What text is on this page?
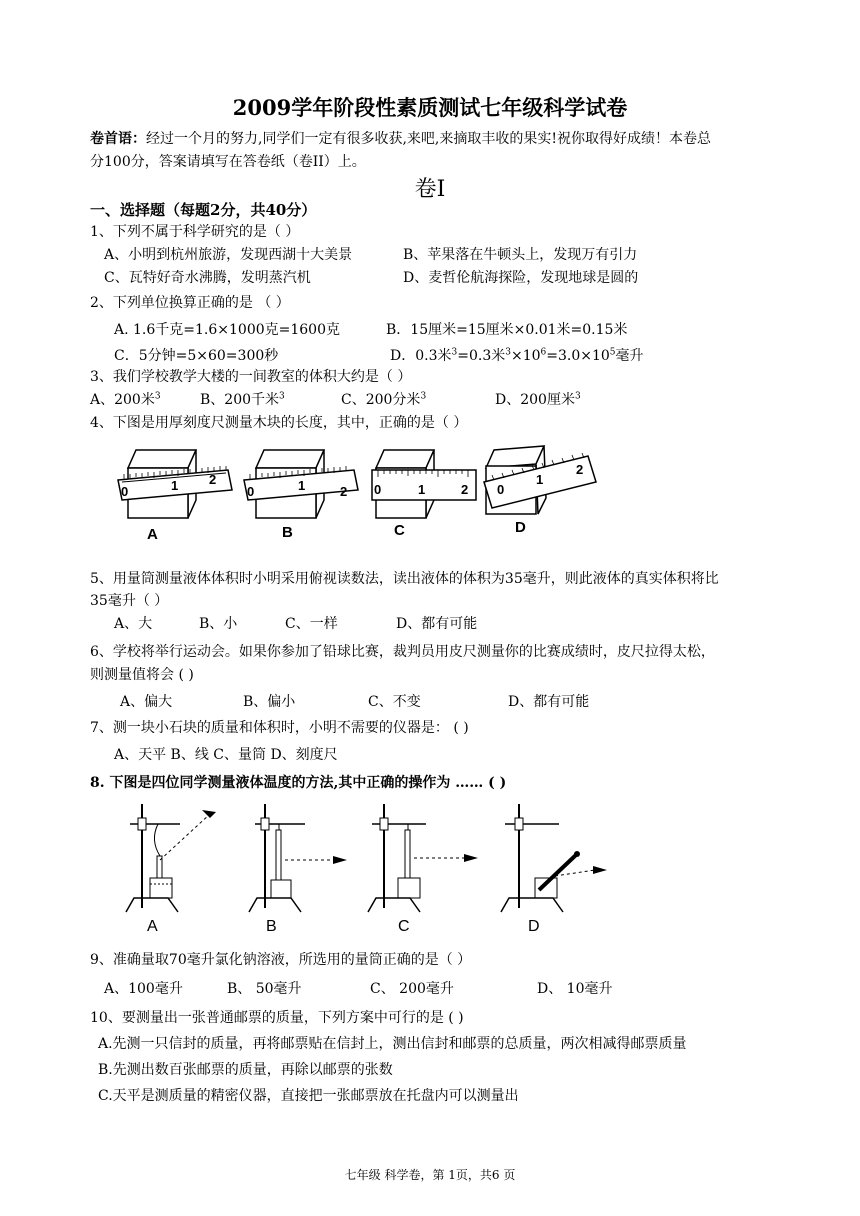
2009学年阶段性素质测试七年级科学试卷
卷首语：经过一个月的努力,同学们一定有很多收获,来吧,来摘取丰收的果实!祝你取得好成绩！本卷总
分100分，答案请填写在答卷纸（卷II）上。
卷Ⅰ
一、选择题（每题2分，共40分）
1、下列不属于科学研究的是（ ）
A、小明到杭州旅游，发现西湖十大美景	B、苹果落在牛顿头上，发现万有引力
C、瓦特好奇水沸腾，发明蒸汽机	D、麦哲伦航海探险，发现地球是圆的
2、下列单位换算正确的是 （ ）
A. 1.6千克=1.6×1000克=1600克	B．15厘米=15厘米×0.01米=0.15米
C．5分钟=5×60=300秒	D．0.3米$^3$=0.3米$^3\times 10^6=3.0\times 10^5$毫升
3、我们学校教学大楼的一间教室的体积大约是（ ）
A、200米$^3$	B、200千米$^3$	C、200分米$^3$	D、200厘米$^3$
4、下图是用厚刻度尺测量木块的长度，其中，正确的是（ ）
0	1 2
0	1	2 0	1	2 0
1
2
A	B	C	D
5、用量筒测量液体体积时小明采用俯视读数法，读出液体的体积为35毫升，则此液体的真实体积将比
35毫升（ ）
A、大	B、小	C、一样	D、都有可能
6、学校将举行运动会。如果你参加了铅球比赛，裁判员用皮尺测量你的比赛成绩时，皮尺拉得太松，
则测量值将会 ( )
A、偏大	B、偏小	C、不变	D、都有可能
7、测一块小石块的质量和体积时，小明不需要的仪器是： ( )
A、天平 B、线 C、量筒 D、刻度尺
8. 下图是四位同学测量液体温度的方法,其中正确的操作为 …… ( )
A	B	C	D
9、准确量取70毫升氯化钠溶液，所选用的量筒正确的是（ ）
A、100毫升	B、 50毫升	C、 200毫升	D、 10毫升
10、要测量出一张普通邮票的质量，下列方案中可行的是 ( )
A.先测一只信封的质量，再将邮票贴在信封上，测出信封和邮票的总质量，两次相减得邮票质量
B.先测出数百张邮票的质量，再除以邮票的张数
C.天平是测质量的精密仪器，直接把一张邮票放在托盘内可以测量出
七年级 科学卷，第 1页，共6 页
